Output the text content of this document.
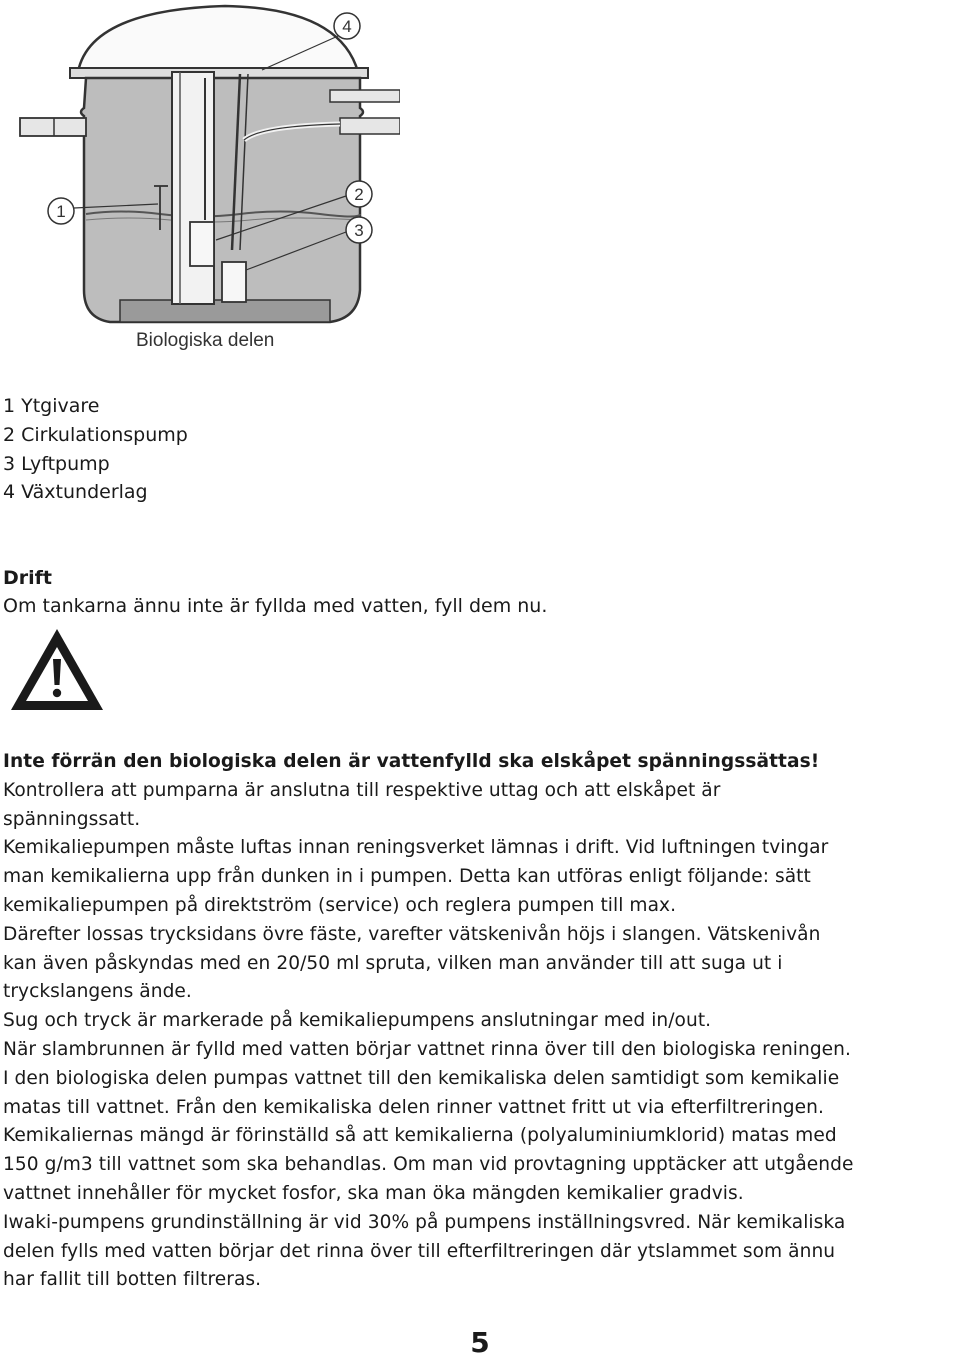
1
2
3
4
Biologiska delen
1 Ytgivare
2 Cirkulationspump
3 Lyftpump
4 Växtunderlag
Drift
Om tankarna ännu inte är fyllda med vatten, fyll dem nu.
Inte förrän den biologiska delen är vattenfylld ska elskåpet spänningssättas!
Kontrollera att pumparna är anslutna till respektive uttag och att elskåpet är
spänningssatt.
Kemikaliepumpen måste luftas innan reningsverket lämnas i drift. Vid luftningen tvingar
man kemikalierna upp från dunken in i pumpen. Detta kan utföras enligt följande: sätt
kemikaliepumpen på direktström (service) och reglera pumpen till max.
Därefter lossas trycksidans övre fäste, varefter vätskenivån höjs i slangen. Vätskenivån
kan även påskyndas med en 20/50 ml spruta, vilken man använder till att suga ut i
tryckslangens ände.
Sug och tryck är markerade på kemikaliepumpens anslutningar med in/out.
När slambrunnen är fylld med vatten börjar vattnet rinna över till den biologiska reningen.
I den biologiska delen pumpas vattnet till den kemikaliska delen samtidigt som kemikalie
matas till vattnet. Från den kemikaliska delen rinner vattnet fritt ut via efterfiltreringen.
Kemikaliernas mängd är förinställd så att kemikalierna (polyaluminiumklorid) matas med
150 g/m3 till vattnet som ska behandlas. Om man vid provtagning upptäcker att utgående
vattnet innehåller för mycket fosfor, ska man öka mängden kemikalier gradvis.
Iwaki-pumpens grundinställning är vid 30% på pumpens inställningsvred. När kemikaliska
delen fylls med vatten börjar det rinna över till efterfiltreringen där ytslammet som ännu
har fallit till botten filtreras.
5
